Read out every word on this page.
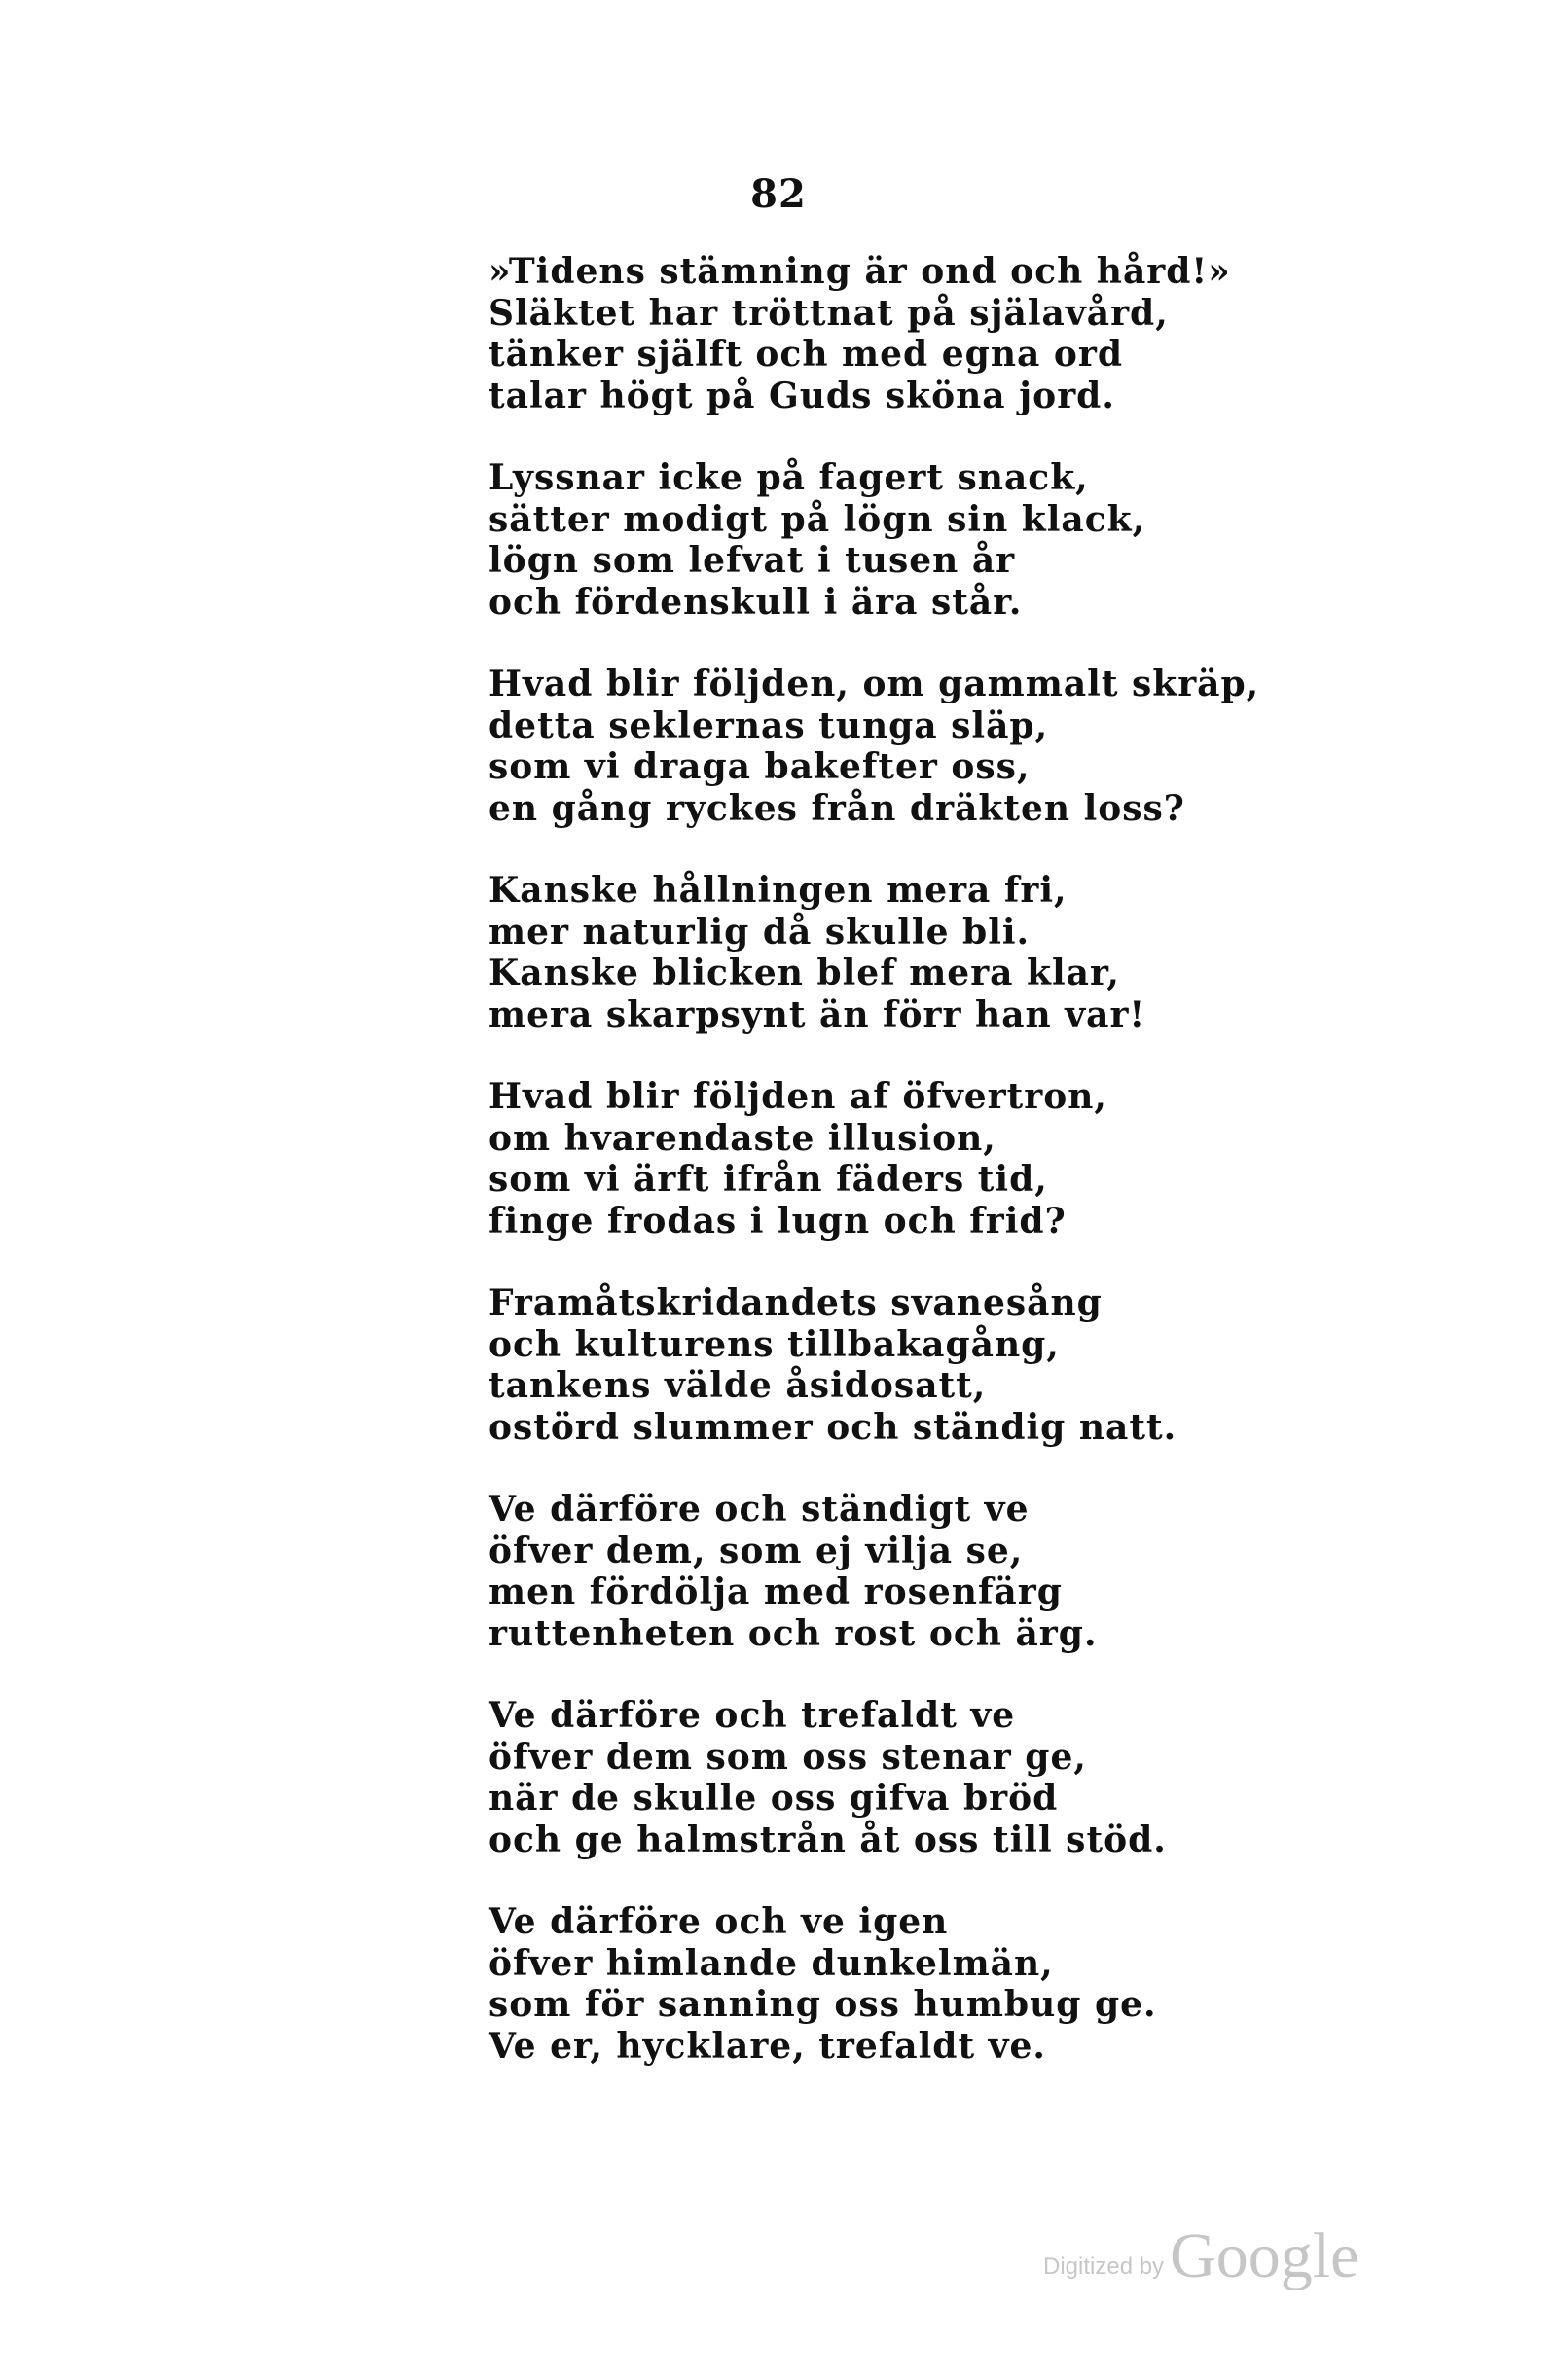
82
»Tidens stämning är ond och hård!»
Släktet har tröttnat på själavård,
tänker själft och med egna ord
talar högt på Guds sköna jord.
Lyssnar icke på fagert snack,
sätter modigt på lögn sin klack,
lögn som lefvat i tusen år
och fördenskull i ära står.
Hvad blir följden, om gammalt skräp,
detta seklernas tunga släp,
som vi draga bakefter oss,
en gång ryckes från dräkten loss?
Kanske hållningen mera fri,
mer naturlig då skulle bli.
Kanske blicken blef mera klar,
mera skarpsynt än förr han var!
Hvad blir följden af öfvertron,
om hvarendaste illusion,
som vi ärft ifrån fäders tid,
finge frodas i lugn och frid?
Framåtskridandets svanesång
och kulturens tillbakagång,
tankens välde åsidosatt,
ostörd slummer och ständig natt.
Ve därföre och ständigt ve
öfver dem, som ej vilja se,
men fördölja med rosenfärg
ruttenheten och rost och ärg.
Ve därföre och trefaldt ve
öfver dem som oss stenar ge,
när de skulle oss gifva bröd
och ge halmstrån åt oss till stöd.
Ve därföre och ve igen
öfver himlande dunkelmän,
som för sanning oss humbug ge.
Ve er, hycklare, trefaldt ve.
Digitized by Google
